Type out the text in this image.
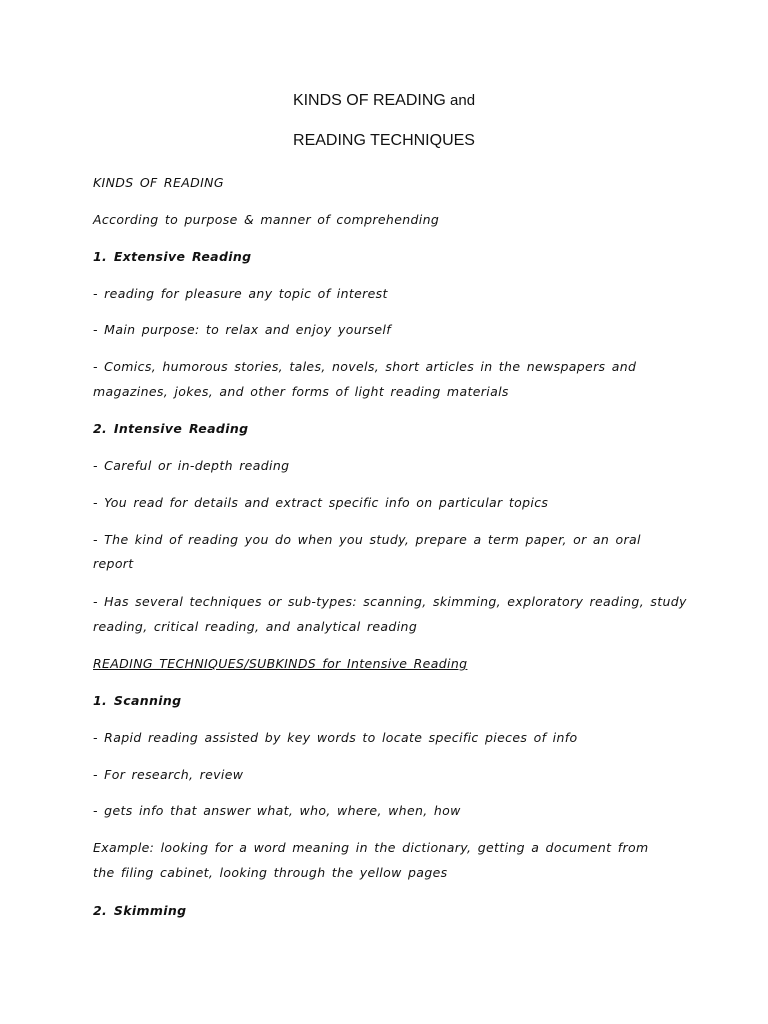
KINDS OF READING and
READING TECHNIQUES
KINDS OF READING
According to purpose & manner of comprehending
1. Extensive Reading
- reading for pleasure any topic of interest
- Main purpose: to relax and enjoy yourself
- Comics, humorous stories, tales, novels, short articles in the newspapers and
magazines, jokes, and other forms of light reading materials
2. Intensive Reading
- Careful or in-depth reading
- You read for details and extract specific info on particular topics
- The kind of reading you do when you study, prepare a term paper, or an oral
report
- Has several techniques or sub-types: scanning, skimming, exploratory reading, study
reading, critical reading, and analytical reading
READING TECHNIQUES/SUBKINDS for Intensive Reading
1. Scanning
- Rapid reading assisted by key words to locate specific pieces of info
- For research, review
- gets info that answer what, who, where, when, how
Example: looking for a word meaning in the dictionary, getting a document from
the filing cabinet, looking through the yellow pages
2. Skimming
